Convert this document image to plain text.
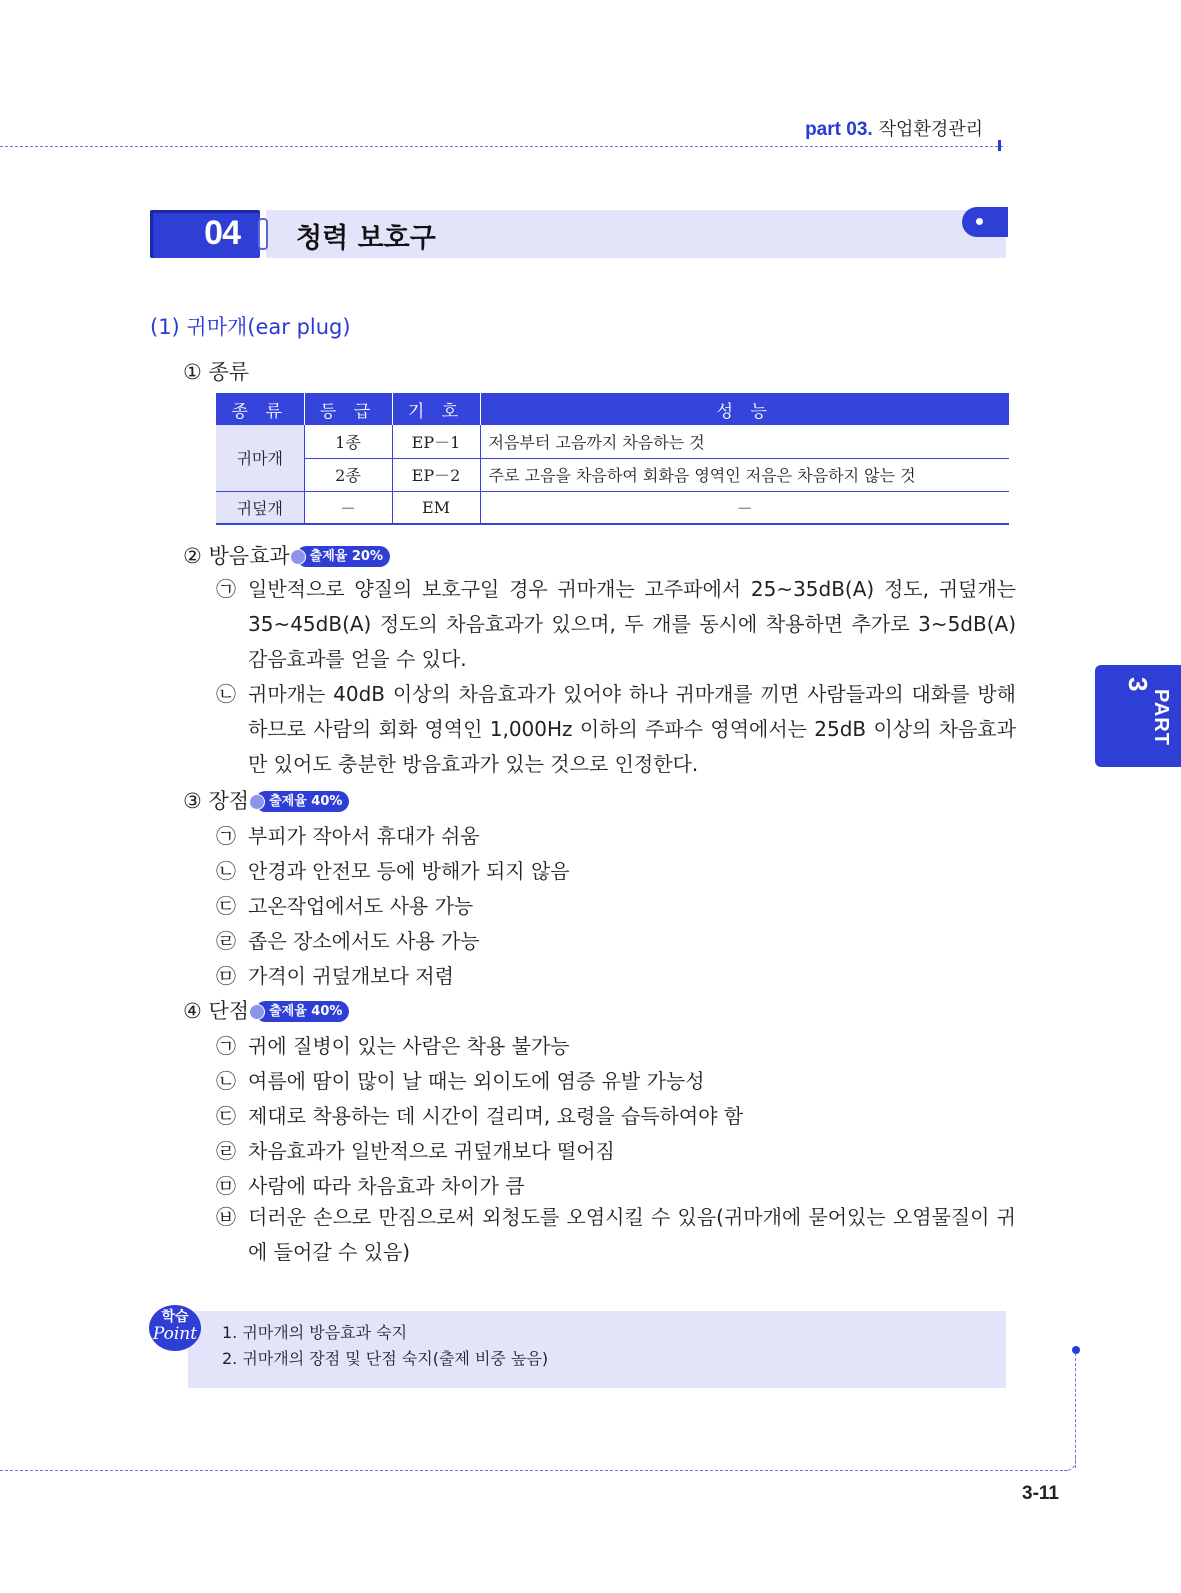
part 03. 작업환경관리
04 청력 보호구
(1) 귀마개(ear plug)
① 종류
종 류	등 급	기 호	성 능
귀마개	1종	EP－1	저음부터 고음까지 차음하는 것
	2종	EP－2	주로 고음을 차음하여 회화음 영역인 저음은 차음하지 않는 것
귀덮개	－	EM	－
② 방음효과 출제율 20%
㉠ 일반적으로 양질의 보호구일 경우 귀마개는 고주파에서 25~35dB(A) 정도, 귀덮개는 35~45dB(A) 정도의 차음효과가 있으며, 두 개를 동시에 착용하면 추가로 3~5dB(A) 감음효과를 얻을 수 있다.
㉡ 귀마개는 40dB 이상의 차음효과가 있어야 하나 귀마개를 끼면 사람들과의 대화를 방해하므로 사람의 회화 영역인 1,000Hz 이하의 주파수 영역에서는 25dB 이상의 차음효과만 있어도 충분한 방음효과가 있는 것으로 인정한다.
③ 장점 출제율 40%
㉠ 부피가 작아서 휴대가 쉬움
㉡ 안경과 안전모 등에 방해가 되지 않음
㉢ 고온작업에서도 사용 가능
㉣ 좁은 장소에서도 사용 가능
㉤ 가격이 귀덮개보다 저렴
④ 단점 출제율 40%
㉠ 귀에 질병이 있는 사람은 착용 불가능
㉡ 여름에 땀이 많이 날 때는 외이도에 염증 유발 가능성
㉢ 제대로 착용하는 데 시간이 걸리며, 요령을 습득하여야 함
㉣ 차음효과가 일반적으로 귀덮개보다 떨어짐
㉤ 사람에 따라 차음효과 차이가 큼
㉥ 더러운 손으로 만짐으로써 외청도를 오염시킬 수 있음(귀마개에 묻어있는 오염물질이 귀에 들어갈 수 있음)
학습
Point 1. 귀마개의 방음효과 숙지
2. 귀마개의 장점 및 단점 숙지(출제 비중 높음)
PART
3
3-11
